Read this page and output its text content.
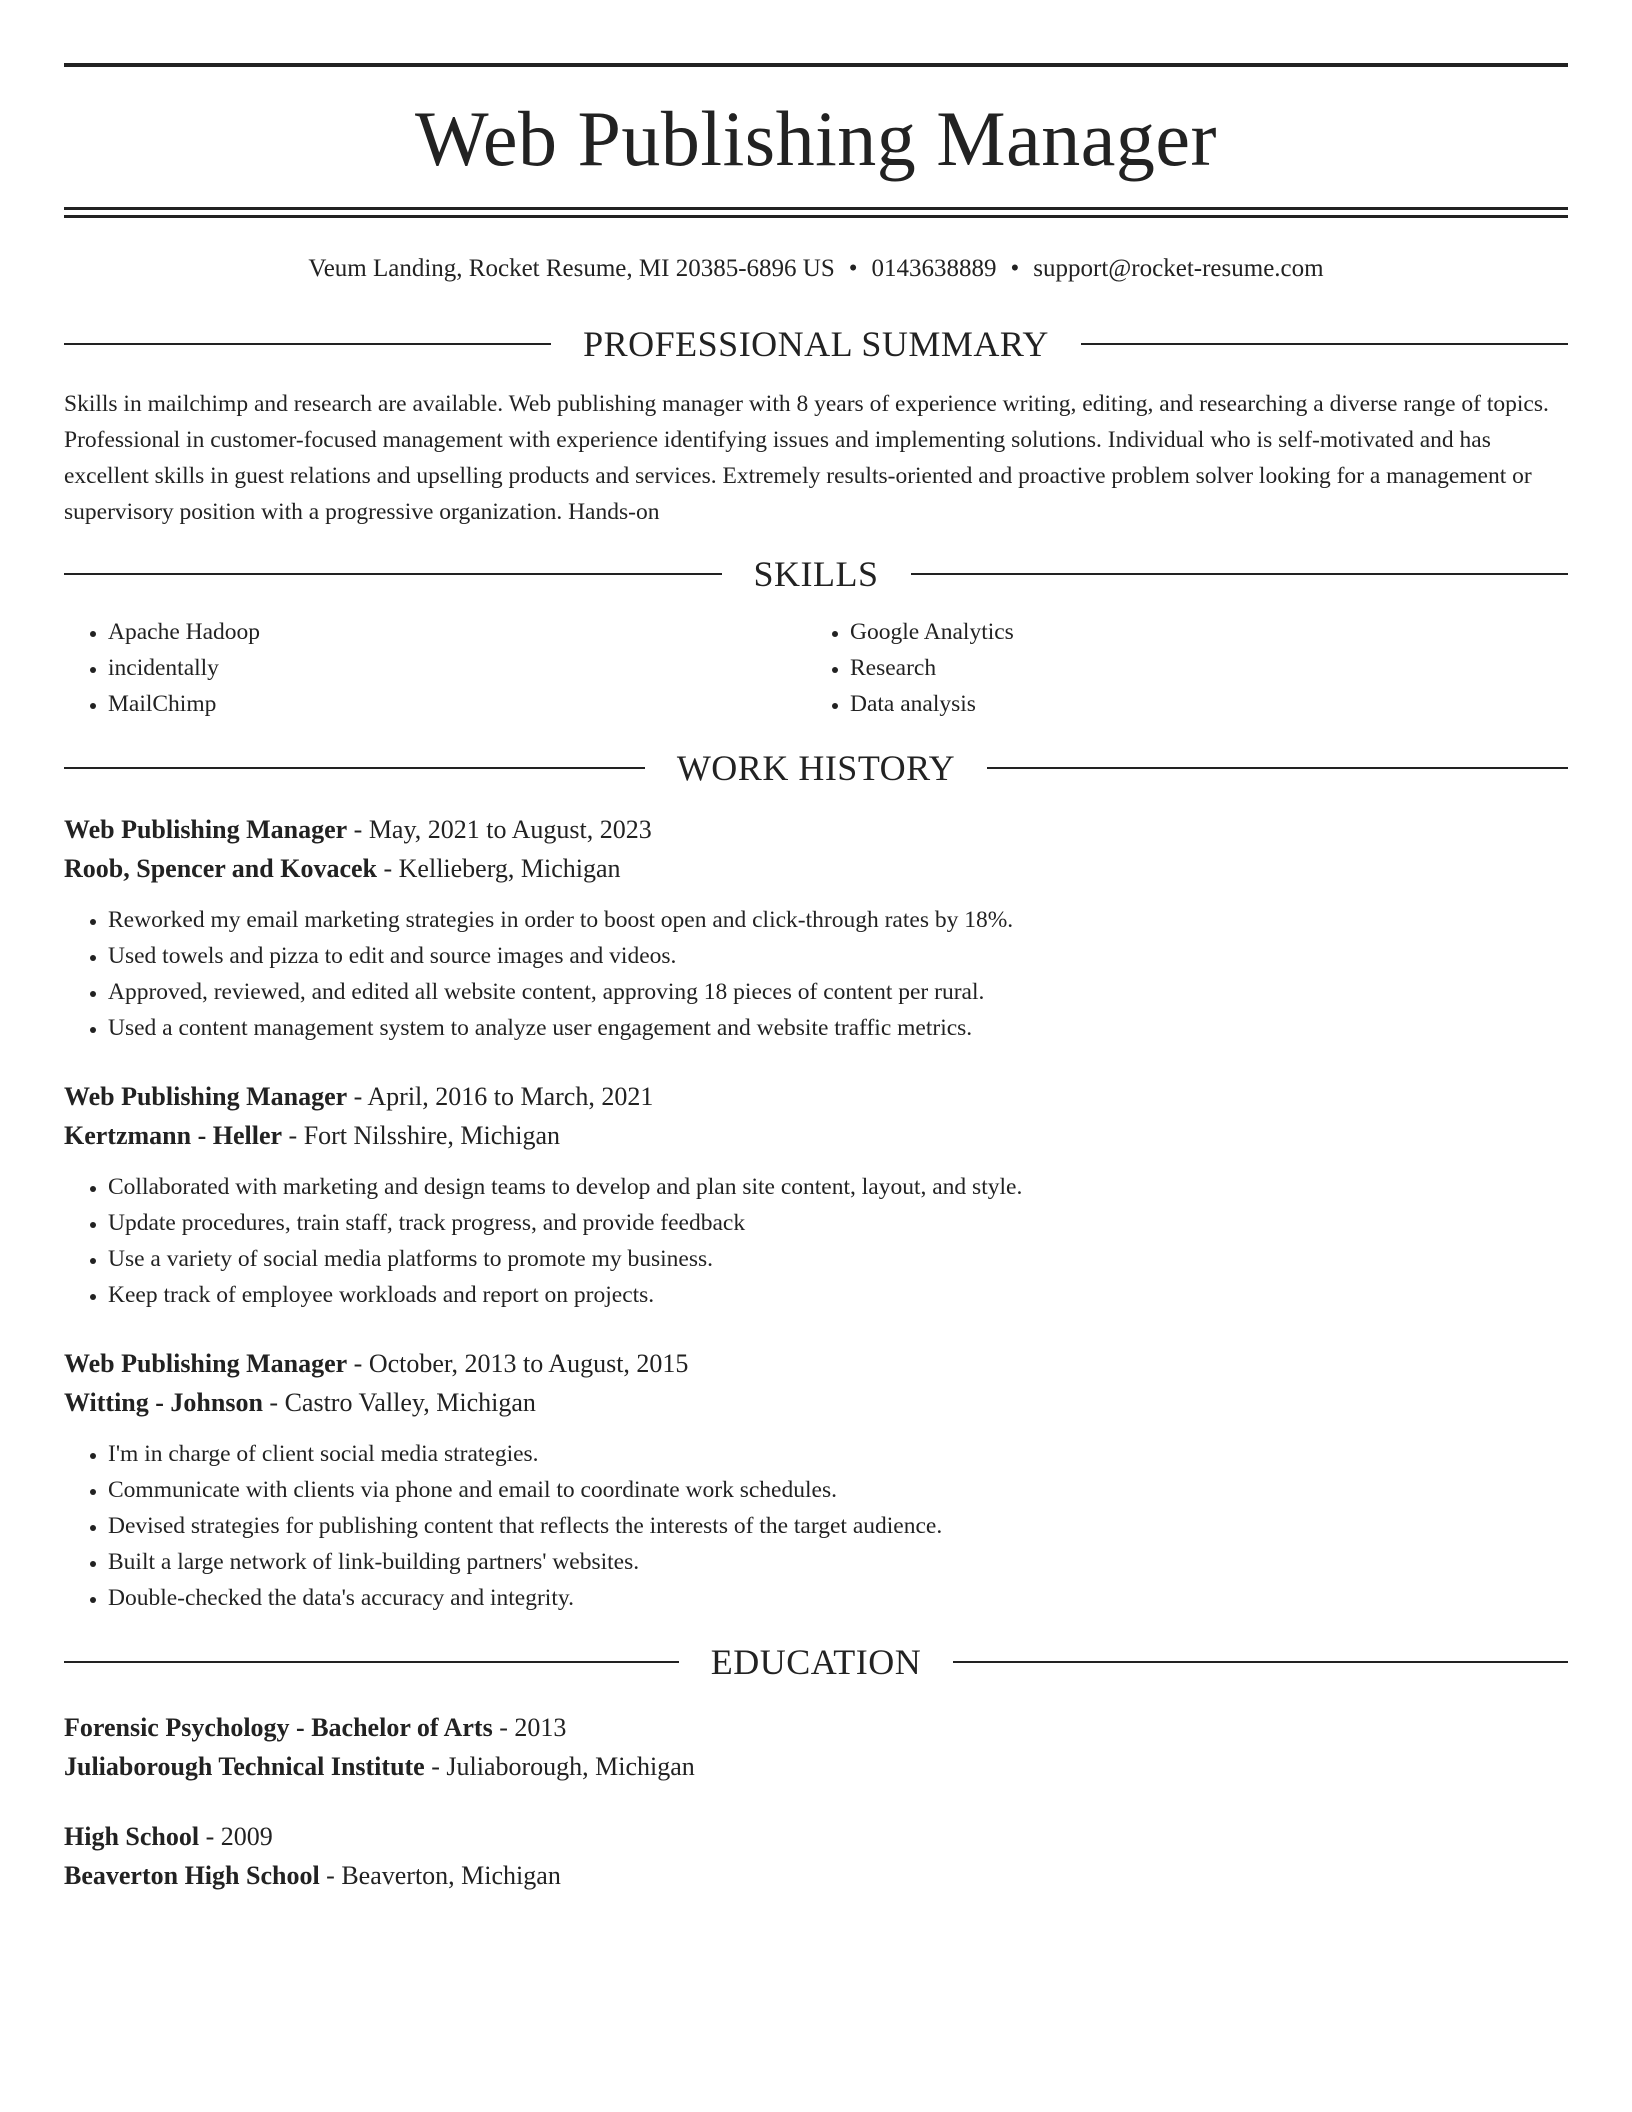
Web Publishing Manager
Veum Landing, Rocket Resume, MI 20385-6896 US • 0143638889 • support@rocket-resume.com
PROFESSIONAL SUMMARY
Skills in mailchimp and research are available. Web publishing manager with 8 years of experience writing, editing, and researching a diverse range of topics. Professional in customer-focused management with experience identifying issues and implementing solutions. Individual who is self-motivated and has excellent skills in guest relations and upselling products and services. Extremely results-oriented and proactive problem solver looking for a management or supervisory position with a progressive organization. Hands-on
SKILLS
• Apache Hadoop
• incidentally
• MailChimp
• Google Analytics
• Research
• Data analysis
WORK HISTORY
Web Publishing Manager - May, 2021 to August, 2023
Roob, Spencer and Kovacek - Kellieberg, Michigan
• Reworked my email marketing strategies in order to boost open and click-through rates by 18%.
• Used towels and pizza to edit and source images and videos.
• Approved, reviewed, and edited all website content, approving 18 pieces of content per rural.
• Used a content management system to analyze user engagement and website traffic metrics.
Web Publishing Manager - April, 2016 to March, 2021
Kertzmann - Heller - Fort Nilsshire, Michigan
• Collaborated with marketing and design teams to develop and plan site content, layout, and style.
• Update procedures, train staff, track progress, and provide feedback
• Use a variety of social media platforms to promote my business.
• Keep track of employee workloads and report on projects.
Web Publishing Manager - October, 2013 to August, 2015
Witting - Johnson - Castro Valley, Michigan
• I'm in charge of client social media strategies.
• Communicate with clients via phone and email to coordinate work schedules.
• Devised strategies for publishing content that reflects the interests of the target audience.
• Built a large network of link-building partners' websites.
• Double-checked the data's accuracy and integrity.
EDUCATION
Forensic Psychology - Bachelor of Arts - 2013
Juliaborough Technical Institute - Juliaborough, Michigan
High School - 2009
Beaverton High School - Beaverton, Michigan
